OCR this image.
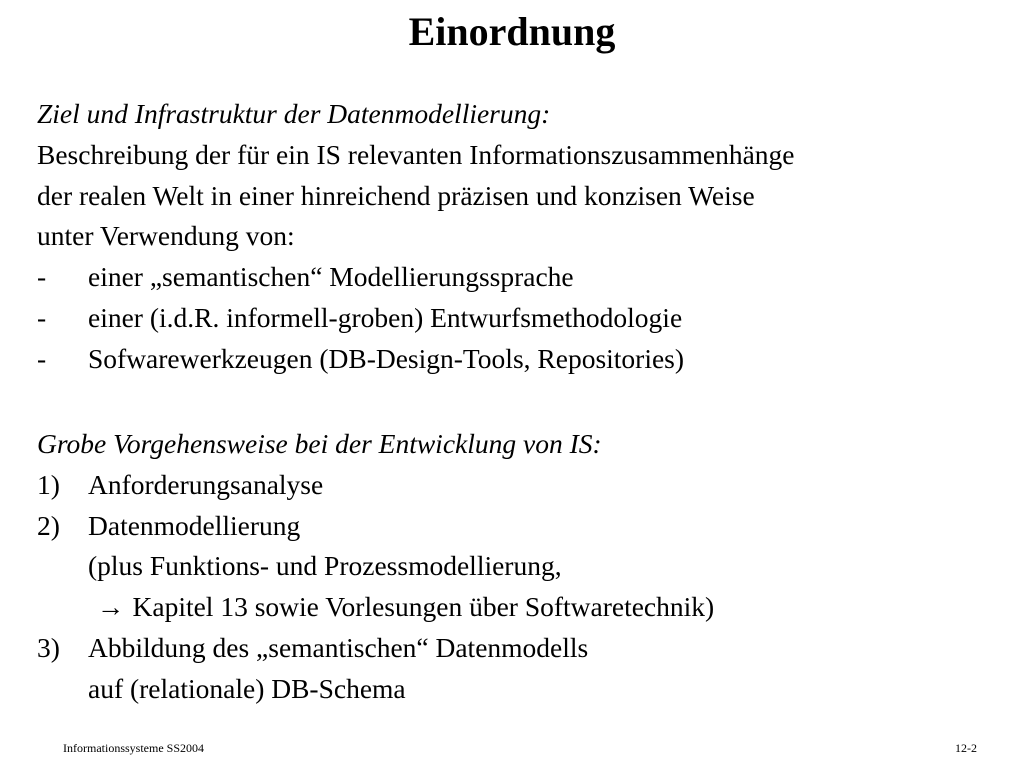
Einordnung
Ziel und Infrastruktur der Datenmodellierung:
Beschreibung der für ein IS relevanten Informationszusammenhänge
der realen Welt in einer hinreichend präzisen und konzisen Weise
unter Verwendung von:
-	einer „semantischen“ Modellierungssprache
-	einer (i.d.R. informell-groben) Entwurfsmethodologie
-	Sofwarewerkzeugen (DB-Design-Tools, Repositories)
Grobe Vorgehensweise bei der Entwicklung von IS:
1)	Anforderungsanalyse
2)	Datenmodellierung
(plus Funktions- und Prozessmodellierung,
→ Kapitel 13 sowie Vorlesungen über Softwaretechnik)
3)	Abbildung des „semantischen“ Datenmodells
auf (relationale) DB-Schema
Informationssysteme SS2004	12-2
